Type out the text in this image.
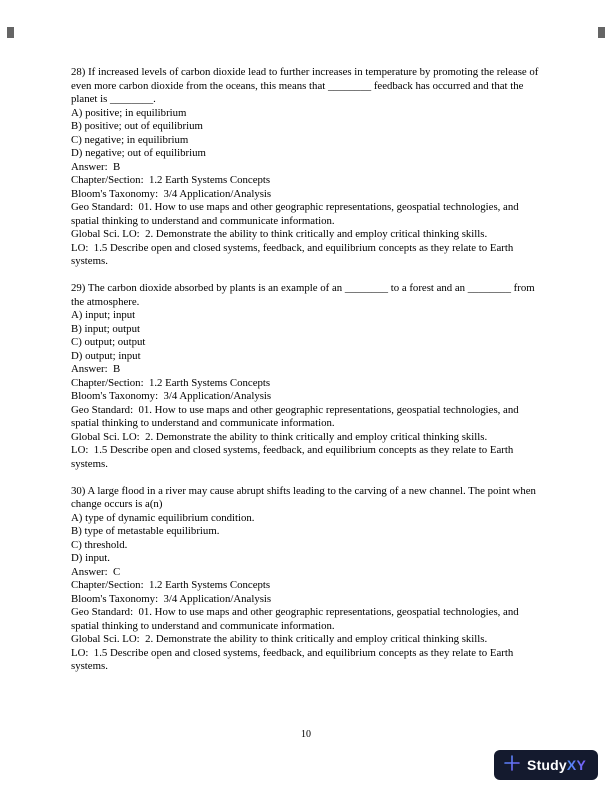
28) If increased levels of carbon dioxide lead to further increases in temperature by promoting the release of even more carbon dioxide from the oceans, this means that ________ feedback has occurred and that the planet is ________.

A) positive; in equilibrium

B) positive; out of equilibrium

C) negative; in equilibrium

D) negative; out of equilibrium

Answer:  B

Chapter/Section:  1.2 Earth Systems Concepts

Bloom's Taxonomy:  3/4 Application/Analysis

Geo Standard:  01. How to use maps and other geographic representations, geospatial technologies, and spatial thinking to understand and communicate information.

Global Sci. LO:  2. Demonstrate the ability to think critically and employ critical thinking skills.

LO:  1.5 Describe open and closed systems, feedback, and equilibrium concepts as they relate to Earth systems.

29) The carbon dioxide absorbed by plants is an example of an ________ to a forest and an ________ from the atmosphere.

A) input; input

B) input; output

C) output; output

D) output; input

Answer:  B

Chapter/Section:  1.2 Earth Systems Concepts

Bloom's Taxonomy:  3/4 Application/Analysis

Geo Standard:  01. How to use maps and other geographic representations, geospatial technologies, and spatial thinking to understand and communicate information.

Global Sci. LO:  2. Demonstrate the ability to think critically and employ critical thinking skills.

LO:  1.5 Describe open and closed systems, feedback, and equilibrium concepts as they relate to Earth systems.

30) A large flood in a river may cause abrupt shifts leading to the carving of a new channel. The point when change occurs is a(n)

A) type of dynamic equilibrium condition.

B) type of metastable equilibrium.

C) threshold.

D) input.

Answer:  C

Chapter/Section:  1.2 Earth Systems Concepts

Bloom's Taxonomy:  3/4 Application/Analysis

Geo Standard:  01. How to use maps and other geographic representations, geospatial technologies, and spatial thinking to understand and communicate information.

Global Sci. LO:  2. Demonstrate the ability to think critically and employ critical thinking skills.

LO:  1.5 Describe open and closed systems, feedback, and equilibrium concepts as they relate to Earth systems.

10
StudyXY
